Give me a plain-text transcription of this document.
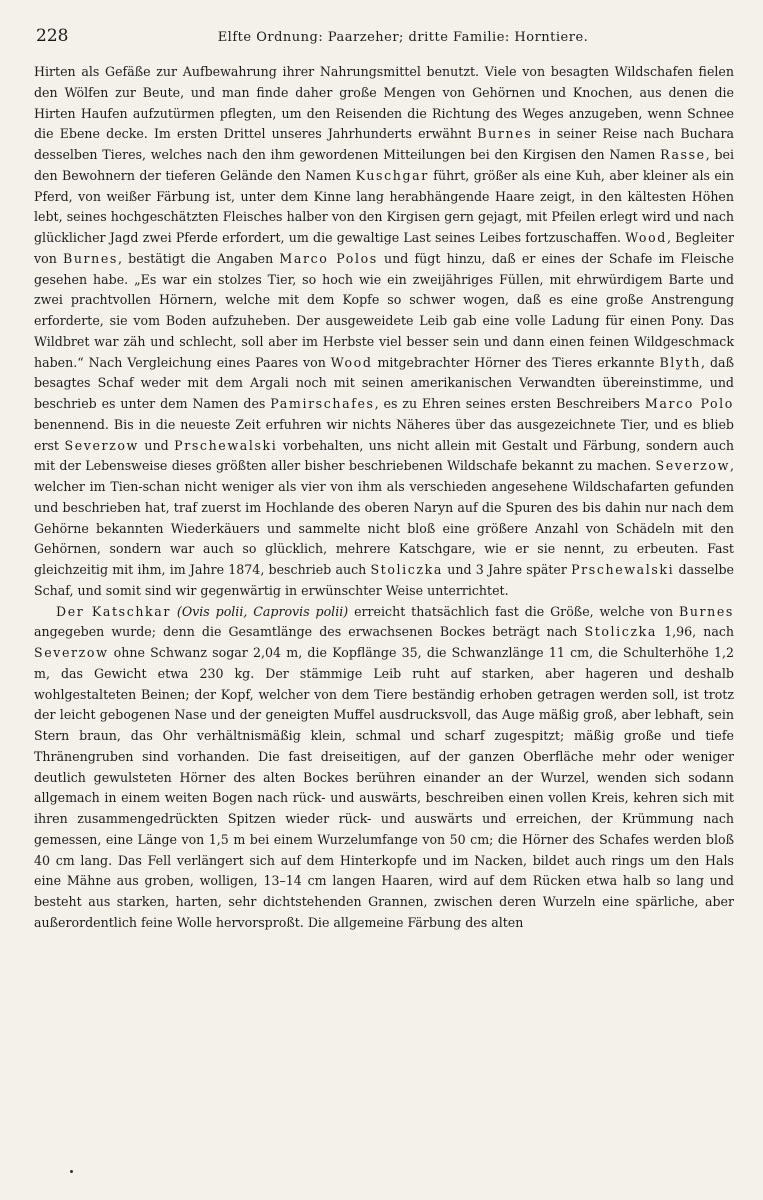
228	Elfte Ordnung: Paarzeher; dritte Familie: Horntiere.

Hirten als Gefäße zur Aufbewahrung ihrer Nahrungsmittel benutzt. Viele von besagten Wildschafen fielen den Wölfen zur Beute, und man finde daher große Mengen von Gehörnen und Knochen, aus denen die Hirten Haufen aufzutürmen pflegten, um den Reisenden die Richtung des Weges anzugeben, wenn Schnee die Ebene decke. Im ersten Drittel unseres Jahrhunderts erwähnt Burnes in seiner Reise nach Buchara desselben Tieres, welches nach den ihm gewordenen Mitteilungen bei den Kirgisen den Namen Rasse, bei den Bewohnern der tieferen Gelände den Namen Kuschgar führt, größer als eine Kuh, aber kleiner als ein Pferd, von weißer Färbung ist, unter dem Kinne lang herabhängende Haare zeigt, in den kältesten Höhen lebt, seines hochgeschätzten Fleisches halber von den Kirgisen gern gejagt, mit Pfeilen erlegt wird und nach glücklicher Jagd zwei Pferde erfordert, um die gewaltige Last seines Leibes fortzuschaffen. Wood, Begleiter von Burnes, bestätigt die Angaben Marco Polos und fügt hinzu, daß er eines der Schafe im Fleische gesehen habe. „Es war ein stolzes Tier, so hoch wie ein zweijähriges Füllen, mit ehrwürdigem Barte und zwei prachtvollen Hörnern, welche mit dem Kopfe so schwer wogen, daß es eine große Anstrengung erforderte, sie vom Boden aufzuheben. Der ausgeweidete Leib gab eine volle Ladung für einen Pony. Das Wildbret war zäh und schlecht, soll aber im Herbste viel besser sein und dann einen feinen Wildgeschmack haben.“ Nach Vergleichung eines Paares von Wood mitgebrachter Hörner des Tieres erkannte Blyth, daß besagtes Schaf weder mit dem Argali noch mit seinen amerikanischen Verwandten übereinstimme, und beschrieb es unter dem Namen des Pamirschafes, es zu Ehren seines ersten Beschreibers Marco Polo benennend. Bis in die neueste Zeit erfuhren wir nichts Näheres über das ausgezeichnete Tier, und es blieb erst Severzow und Prschewalski vorbehalten, uns nicht allein mit Gestalt und Färbung, sondern auch mit der Lebensweise dieses größten aller bisher beschriebenen Wildschafe bekannt zu machen. Severzow, welcher im Tien-schan nicht weniger als vier von ihm als verschieden angesehene Wildschafarten gefunden und beschrieben hat, traf zuerst im Hochlande des oberen Naryn auf die Spuren des bis dahin nur nach dem Gehörne bekannten Wiederkäuers und sammelte nicht bloß eine größere Anzahl von Schädeln mit den Gehörnen, sondern war auch so glücklich, mehrere Katschgare, wie er sie nennt, zu erbeuten. Fast gleichzeitig mit ihm, im Jahre 1874, beschrieb auch Stoliczka und 3 Jahre später Prschewalski dasselbe Schaf, und somit sind wir gegenwärtig in erwünschter Weise unterrichtet.

Der Katschkar (Ovis polii, Caprovis polii) erreicht thatsächlich fast die Größe, welche von Burnes angegeben wurde; denn die Gesamtlänge des erwachsenen Bockes beträgt nach Stoliczka 1,96, nach Severzow ohne Schwanz sogar 2,04 m, die Kopflänge 35, die Schwanzlänge 11 cm, die Schulterhöhe 1,2 m, das Gewicht etwa 230 kg. Der stämmige Leib ruht auf starken, aber hageren und deshalb wohlgestalteten Beinen; der Kopf, welcher von dem Tiere beständig erhoben getragen werden soll, ist trotz der leicht gebogenen Nase und der geneigten Muffel ausdrucksvoll, das Auge mäßig groß, aber lebhaft, sein Stern braun, das Ohr verhältnismäßig klein, schmal und scharf zugespitzt; mäßig große und tiefe Thränengruben sind vorhanden. Die fast dreiseitigen, auf der ganzen Oberfläche mehr oder weniger deutlich gewulsteten Hörner des alten Bockes berühren einander an der Wurzel, wenden sich sodann allgemach in einem weiten Bogen nach rück- und auswärts, beschreiben einen vollen Kreis, kehren sich mit ihren zusammengedrückten Spitzen wieder rück- und auswärts und erreichen, der Krümmung nach gemessen, eine Länge von 1,5 m bei einem Wurzelumfange von 50 cm; die Hörner des Schafes werden bloß 40 cm lang. Das Fell verlängert sich auf dem Hinterkopfe und im Nacken, bildet auch rings um den Hals eine Mähne aus groben, wolligen, 13–14 cm langen Haaren, wird auf dem Rücken etwa halb so lang und besteht aus starken, harten, sehr dichtstehenden Grannen, zwischen deren Wurzeln eine spärliche, aber außerordentlich feine Wolle hervorsproßt. Die allgemeine Färbung des alten
